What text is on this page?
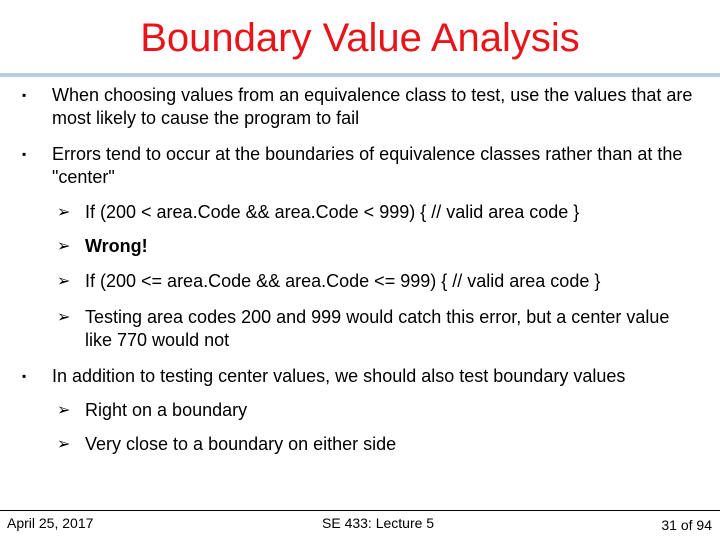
Boundary Value Analysis
▪ When choosing values from an equivalence class to test, use the values that are most likely to cause the program to fail
▪ Errors tend to occur at the boundaries of equivalence classes rather than at the "center"
➢ If (200 < area.Code && area.Code < 999) { // valid area code }
➢ Wrong!
➢ If (200 <= area.Code && area.Code <= 999) { // valid area code }
➢ Testing area codes 200 and 999 would catch this error, but a center value like 770 would not
▪ In addition to testing center values, we should also test boundary values
➢ Right on a boundary
➢ Very close to a boundary on either side
April 25, 2017	SE 433: Lecture 5	31 of 94
